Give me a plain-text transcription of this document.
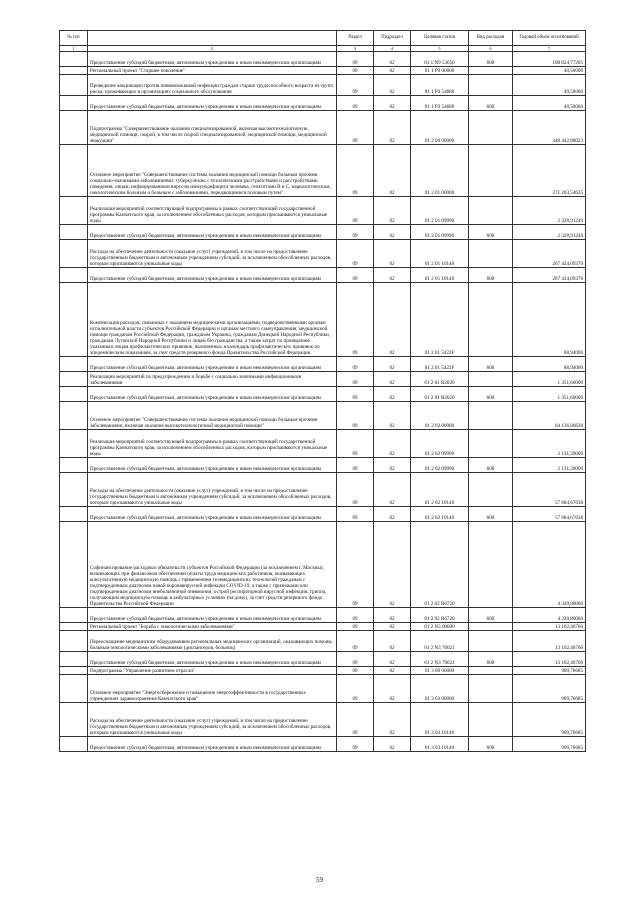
№ п/п		Раздел	Подраздел	Целевая статья	Вид расходов	Годовой объем ассигнований
1	2	3	4	5	6	7
	Предоставление субсидий бюджетным, автономным учреждениям и иным некоммерческим организациям	09	02	01 1 N9 53650	600	108 824,77205
	Региональный проект "Старшее поколение"	09	02	01 1 P3 00000		40,50000
	Проведение вакцинации против пневмококковой инфекции граждан старше трудоспособного возраста из групп риска, проживающих в организациях социального обслуживания	09	02	01 1 P3 54680		40,50000
	Предоставление субсидий бюджетным, автономным учреждениям и иным некоммерческим организациям	09	02	01 1 P3 54680	600	40,50000
	Подпрограмма "Совершенствование оказания специализированной, включая высокотехнологичную, медицинской помощи, скорой, в том числе скорой специализированной, медицинской помощи, медицинской эвакуации"	09	02	01 2 00 00000		348 442,88023
	Основное мероприятие "Совершенствование системы оказания медицинской помощи больным прочими социально-значимыми заболеваниями: туберкулезом, с психическими расстройствами и расстройствами поведения, лицам, инфицированным вирусом иммунодефицита человека, гепатитами B и C, наркологическим, онкологическим больным и больным с заболеваниями, передающимися половым путем"	09	02	01 2 01 00000		271 203,54625
	Реализация мероприятий соответствующей подпрограммы в рамках соответствующей государственной программы Камчатского края, за исключением обособленных расходов, которым присваиваются уникальные коды	09	02	01 2 01 09990		2 328,91249
	Предоставление субсидий бюджетным, автономным учреждениям и иным некоммерческим организациям	09	02	01 2 01 09990	600	2 328,91249
	Расходы на обеспечение деятельности (оказание услуг) учреждений, в том числе на предоставление государственным бюджетным и автономным учреждениям субсидий, за исключением обособленных расходов, которым присваиваются уникальные коды	09	02	01 2 01 10140		267 434,09376
	Предоставление субсидий бюджетным, автономным учреждениям и иным некоммерческим организациям	09	02	01 2 01 10140	600	267 434,09376
	Компенсация расходов, связанных с оказанием медицинскими организациями, подведомственными органам исполнительной власти субъектов Российской Федерации и органам местного самоуправления, медицинской помощи гражданам Российской Федерации, гражданам Украины, гражданам Донецкой Народной Республики, гражданам Луганской Народной Республики и лицам без гражданства, а также затрат по проведению указанным лицам профилактических прививок, включенных в календарь профилактических прививок по эпидемическим показаниям, за счет средств резервного фонда Правительства Российской Федерации	09	02	01 2 01 5422F		88,94000
	Предоставление субсидий бюджетным, автономным учреждениям и иным некоммерческим организациям	09	02	01 2 01 5422F	600	88,94000
	Реализация мероприятий по предупреждению и борьбе с социально значимыми инфекционными заболеваниями	09	02	01 2 01 R2020		1 351,60000
	Предоставление субсидий бюджетным, автономным учреждениям и иным некоммерческим организациям	09	02	01 2 01 R2020	600	1 351,60000
	Основное мероприятие "Совершенствование системы оказания медицинской помощи больным прочими заболеваниями, включая оказание высокотехнологичной медицинской помощи"	09	02	01 2 02 00000		64 136,86638
	Реализация мероприятий соответствующей подпрограммы в рамках соответствующей государственной программы Камчатского края, за исключением обособленных расходов, которым присваиваются уникальные коды	09	02	01 2 02 09990		2 131,39000
	Предоставление субсидий бюджетным, автономным учреждениям и иным некоммерческим организациям	09	02	01 2 02 09990	600	2 131,39000
	Расходы на обеспечение деятельности (оказание услуг) учреждений, в том числе на предоставление государственным бюджетным и автономным учреждениям субсидий, за исключением обособленных расходов, которым присваиваются уникальные коды	09	02	01 2 02 10140		57 684,67638
	Предоставление субсидий бюджетным, автономным учреждениям и иным некоммерческим организациям	09	02	01 2 02 10140	600	57 684,67638
	Софинансирование расходных обязательств субъектов Российской Федерации (за исключением г. Москвы), возникающих при финансовом обеспечении оплаты труда медицинских работников, оказывающих консультативную медицинскую помощь с применением телемедицинских технологий гражданам с подтвержденным диагнозом новой коронавирусной инфекции COVID-19, а также с признаками или подтвержденным диагнозом внебольничной пневмонии, острой респираторной вирусной инфекции, гриппа, получающим медицинскую помощь в амбулаторных условиях (на дому), за счет средств резервного фонда Правительства Российской Федерации	09	02	01 2 02 R6720		4 320,80000
	Предоставление субсидий бюджетным, автономным учреждениям и иным некоммерческим организациям	09	02	01 2 02 R6720	600	4 320,80000
	Региональный проект "Борьба с онкологическими заболеваниями"	09	02	01 2 N3 00000		13 102,46760
	Переоснащение медицинским оборудованием региональных медицинских организаций, оказывающих помощь больным онкологическими заболеваниями (диспансеров, больниц)	09	02	01 2 N3 70021		13 102,46760
	Предоставление субсидий бюджетным, автономным учреждениям и иным некоммерческим организациям	09	02	01 2 N3 70021	600	13 102,46760
	Подпрограмма "Управление развитием отрасли"	09	02	01 3 00 00000		909,76685
	Основное мероприятие "Энергосбережение и повышение энергоэффективности в государственных учреждениях здравоохранения Камчатского края"	09	02	01 3 03 00000		909,76685
	Расходы на обеспечение деятельности (оказание услуг) учреждений, в том числе на предоставление государственным бюджетным и автономным учреждениям субсидий, за исключением обособленных расходов, которым присваиваются уникальные коды	09	02	01 3 03 10140		909,76685
	Предоставление субсидий бюджетным, автономным учреждениям и иным некоммерческим организациям	09	02	01 3 03 10140	600	909,76685
59
